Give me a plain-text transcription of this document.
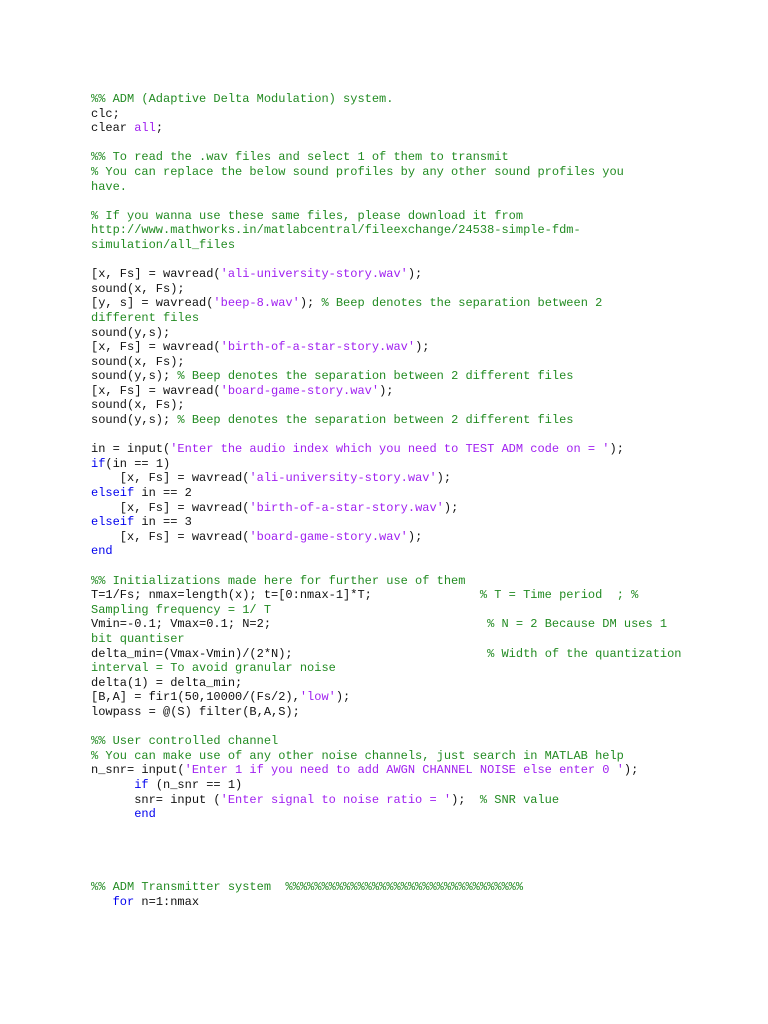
%% ADM (Adaptive Delta Modulation) system.
clc;
clear all;
%% To read the .wav files and select 1 of them to transmit
% You can replace the below sound profiles by any other sound profiles you
have.
% If you wanna use these same files, please download it from
http://www.mathworks.in/matlabcentral/fileexchange/24538-simple-fdm-
simulation/all_files
[x, Fs] = wavread('ali-university-story.wav');
sound(x, Fs);
[y, s] = wavread('beep-8.wav'); % Beep denotes the separation between 2
different files
sound(y,s);
[x, Fs] = wavread('birth-of-a-star-story.wav');
sound(x, Fs);
sound(y,s); % Beep denotes the separation between 2 different files
[x, Fs] = wavread('board-game-story.wav');
sound(x, Fs);
sound(y,s); % Beep denotes the separation between 2 different files
in = input('Enter the audio index which you need to TEST ADM code on = ');
if(in == 1)
[x, Fs] = wavread('ali-university-story.wav');
elseif in == 2
[x, Fs] = wavread('birth-of-a-star-story.wav');
elseif in == 3
[x, Fs] = wavread('board-game-story.wav');
end
%% Initializations made here for further use of them
T=1/Fs; nmax=length(x); t=[0:nmax-1]*T;               % T = Time period  ; %
Sampling frequency = 1/ T
Vmin=-0.1; Vmax=0.1; N=2;                              % N = 2 Because DM uses 1
bit quantiser
delta_min=(Vmax-Vmin)/(2*N);                           % Width of the quantization
interval = To avoid granular noise
delta(1) = delta_min;
[B,A] = fir1(50,10000/(Fs/2),'low');
lowpass = @(S) filter(B,A,S);
%% User controlled channel
% You can make use of any other noise channels, just search in MATLAB help
n_snr= input('Enter 1 if you need to add AWGN CHANNEL NOISE else enter 0 ');
if (n_snr == 1)
snr= input ('Enter signal to noise ratio = ');  % SNR value
end
%% ADM Transmitter system  %%%%%%%%%%%%%%%%%%%%%%%%%%%%%%%%%
for n=1:nmax
